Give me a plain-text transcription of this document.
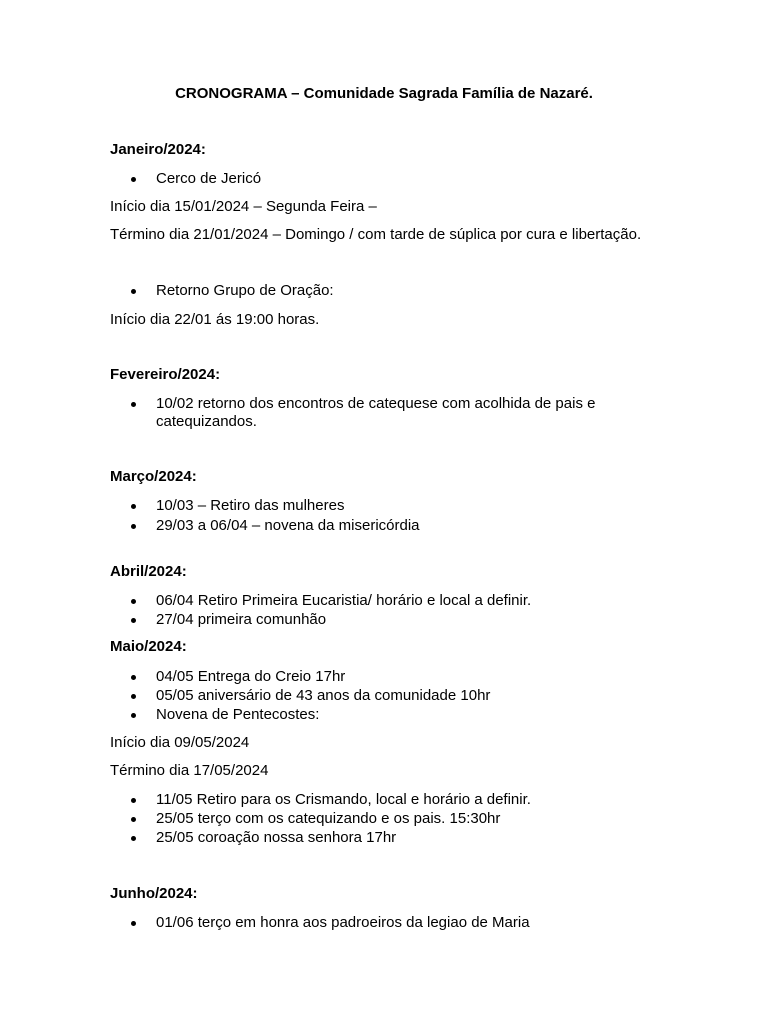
CRONOGRAMA – Comunidade Sagrada Família de Nazaré.
Janeiro/2024:
Cerco de Jericó
Início dia 15/01/2024 – Segunda Feira –
Término dia 21/01/2024 – Domingo / com tarde de súplica por cura e libertação.
Retorno Grupo de Oração:
Início dia 22/01 ás 19:00 horas.
Fevereiro/2024:
10/02 retorno dos encontros de catequese com acolhida de pais e catequizandos.
Março/2024:
10/03 – Retiro das mulheres
29/03 a 06/04 – novena da misericórdia
Abril/2024:
06/04 Retiro Primeira Eucaristia/ horário e local a definir.
27/04 primeira comunhão
Maio/2024:
04/05 Entrega do Creio 17hr
05/05 aniversário de 43 anos da comunidade 10hr
Novena de Pentecostes:
Início dia 09/05/2024
Término dia 17/05/2024
11/05 Retiro para os Crismando, local e horário a definir.
25/05 terço com os catequizando e os pais. 15:30hr
25/05 coroação nossa senhora 17hr
Junho/2024:
01/06 terço em honra aos padroeiros da legiao de Maria
